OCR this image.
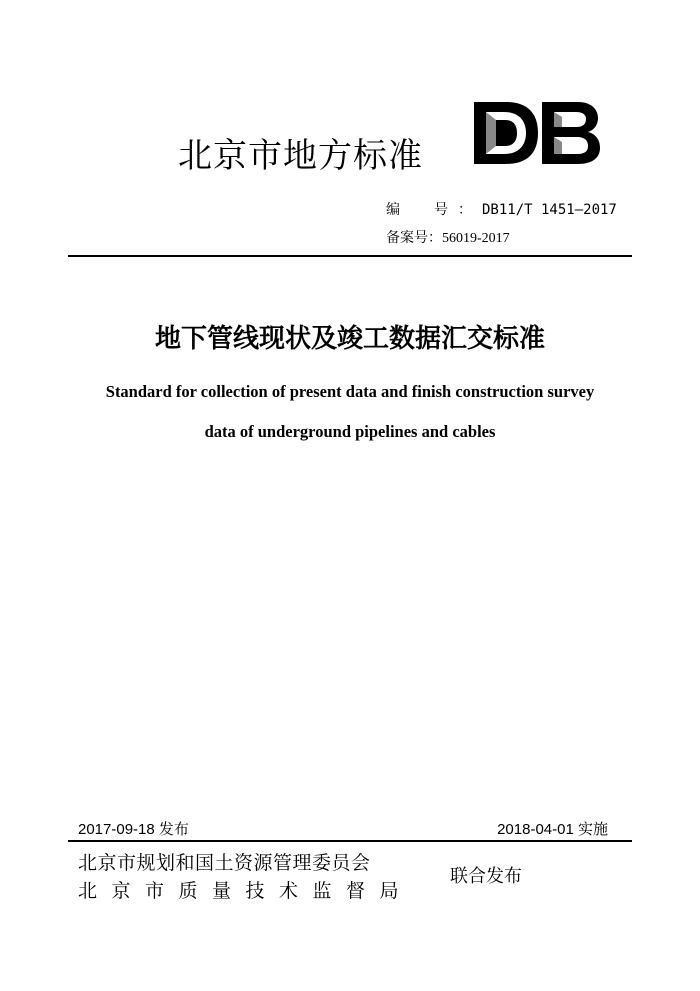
北京市地方标准
编　号：DB11/T 1451—2017
备案号：56019-2017
地下管线现状及竣工数据汇交标准
Standard for collection of present data and finish construction survey
data of underground pipelines and cables
2017-09-18 发布	2018-04-01 实施
北京市规划和国土资源管理委员会
北京市质量技术监督局
联合发布
